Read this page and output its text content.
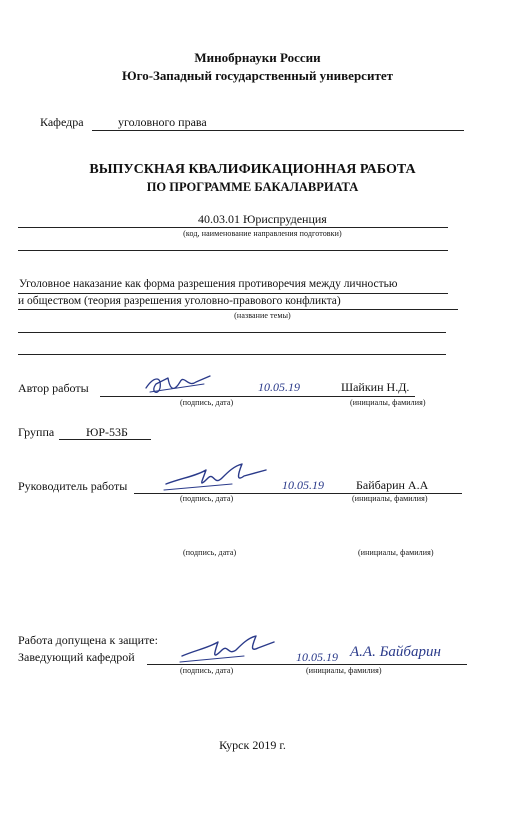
Минобрнауки России
Юго-Западный государственный университет
Кафедра	уголовного права
ВЫПУСКНАЯ КВАЛИФИКАЦИОННАЯ РАБОТА
ПО ПРОГРАММЕ БАКАЛАВРИАТА
40.03.01 Юриспруденция
(код, наименование направления подготовки)
Уголовное наказание как форма разрешения противоречия между личностью
и обществом (теория разрешения уголовно-правового конфликта)
(название темы)
Автор работы	10.05.19	Шайкин Н.Д.
(подпись, дата)	(инициалы, фамилия)
Группа	ЮР-53Б
Руководитель работы	10.05.19	Байбарин А.А
(подпись, дата)	(инициалы, фамилия)
(подпись, дата)	(инициалы, фамилия)
Работа допущена к защите:
Заведующий кафедрой	10.05.19 А.А. Байбарин
(подпись, дата)	(инициалы, фамилия)
Курск 2019 г.
